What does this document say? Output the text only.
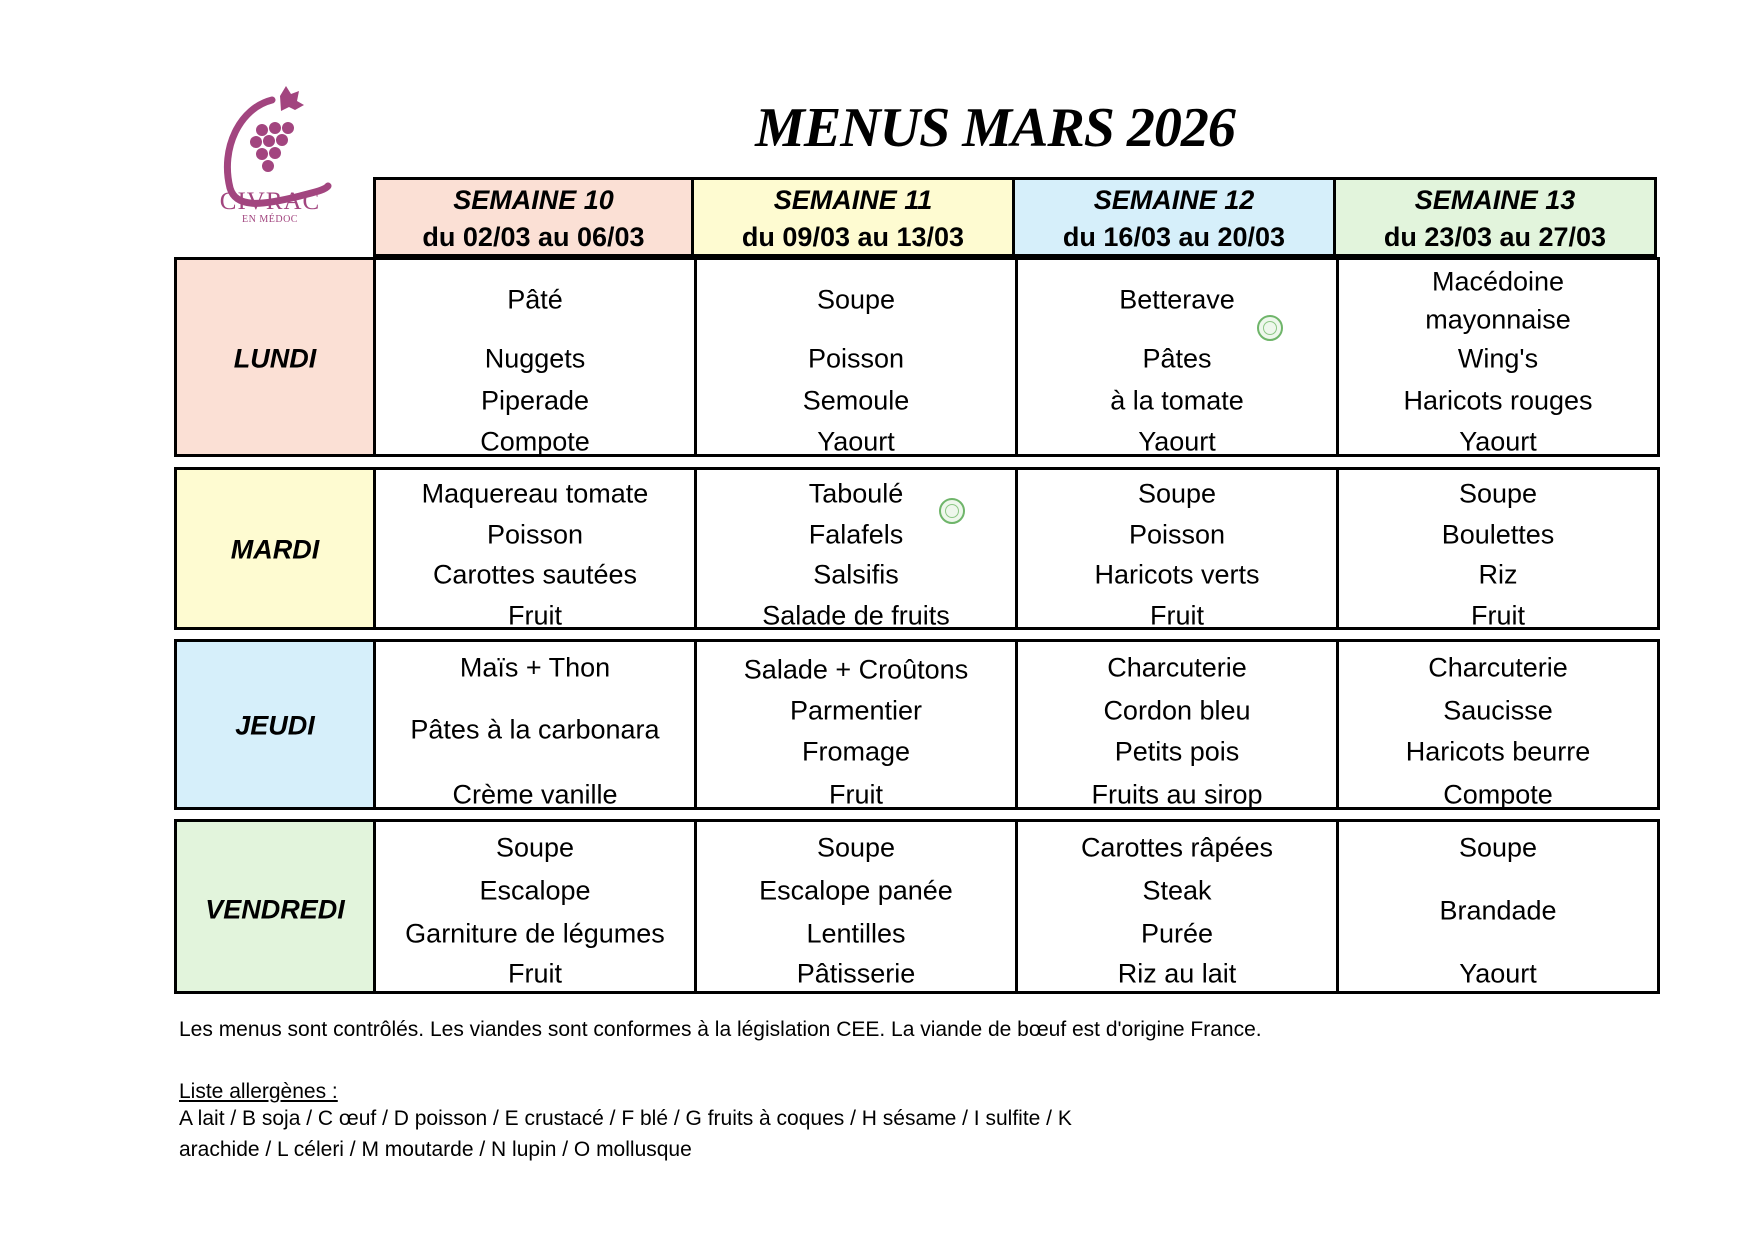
CIVRAC
EN MÉDOC
MENUS MARS 2026
SEMAINE 10
du 02/03 au 06/03
SEMAINE 11
du 09/03 au 13/03
SEMAINE 12
du 16/03 au 20/03
SEMAINE 13
du 23/03 au 27/03
LUNDI
Pâté
Nuggets
Piperade
Compote
Soupe
Poisson
Semoule
Yaourt
Betterave
Pâtes
à la tomate
Yaourt
Macédoine
mayonnaise
Wing's
Haricots rouges
Yaourt
MARDI
Maquereau tomate
Poisson
Carottes sautées
Fruit
Taboulé
Falafels
Salsifis
Salade de fruits
Soupe
Poisson
Haricots verts
Fruit
Soupe
Boulettes
Riz
Fruit
JEUDI
Maïs + Thon
Pâtes à la carbonara
Crème vanille
Salade + Croûtons
Parmentier
Fromage
Fruit
Charcuterie
Cordon bleu
Petits pois
Fruits au sirop
Charcuterie
Saucisse
Haricots beurre
Compote
VENDREDI
Soupe
Escalope
Garniture de légumes
Fruit
Soupe
Escalope panée
Lentilles
Pâtisserie
Carottes râpées
Steak
Purée
Riz au lait
Soupe
Brandade
Yaourt
Les menus sont contrôlés. Les viandes sont conformes à la législation CEE. La viande de bœuf est d'origine France.
Liste allergènes :
A lait / B soja / C œuf / D poisson / E crustacé / F blé / G fruits à coques / H sésame / I sulfite / K
arachide / L céleri / M moutarde / N lupin / O mollusque
